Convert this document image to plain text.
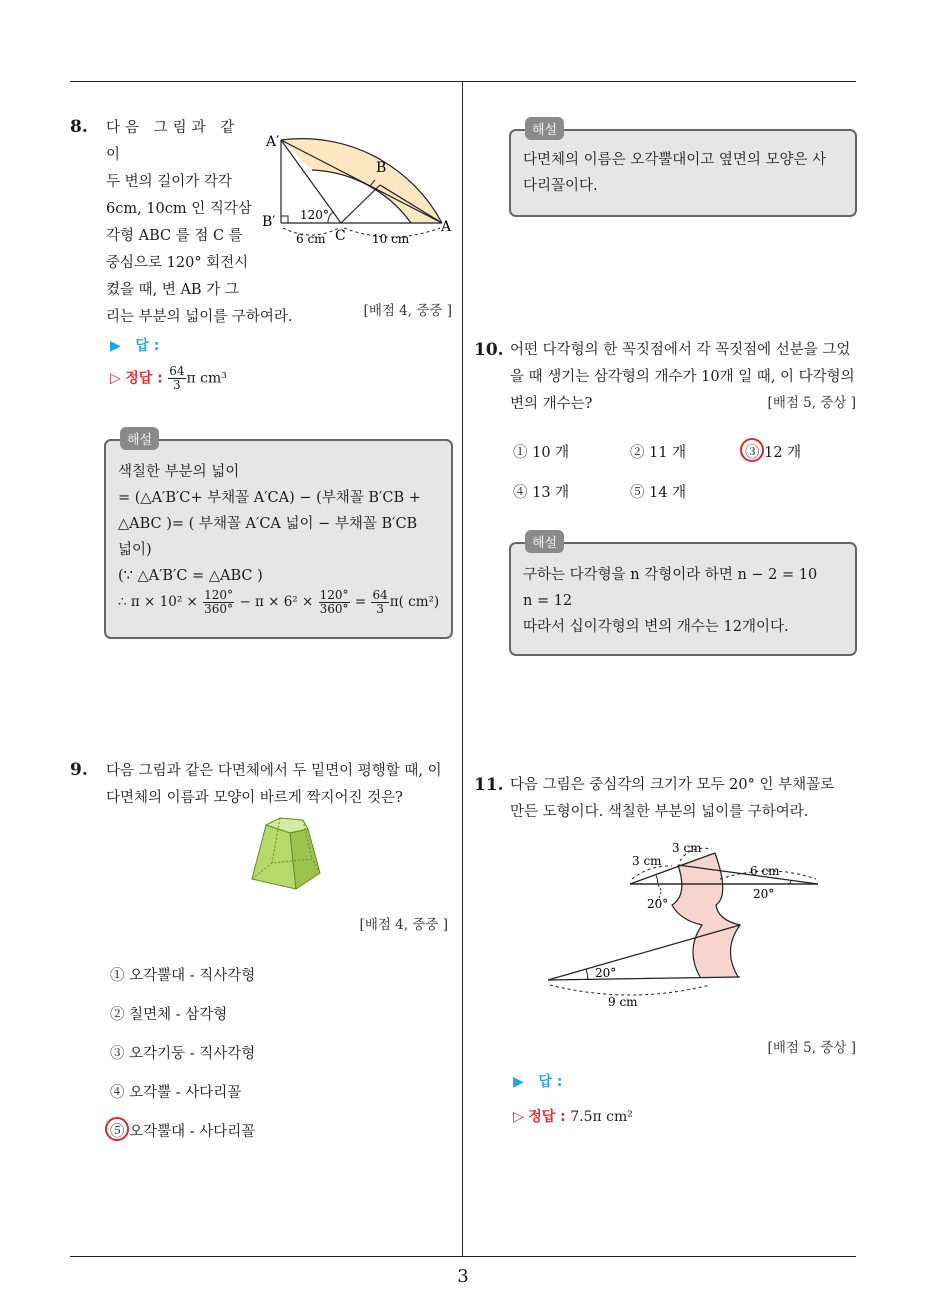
8. 다음 그림과 같이
두 변의 길이가 각각
6cm, 10cm 인 직각삼
각형 ABC 를 점 C 를
중심으로 120° 회전시
켰을 때, 변 AB 가 그
리는 부분의 넓이를 구하여라.
A′
B
B′
C
A
120°
6 cm	10 cm
[배점 4, 중중 ]
▶ 답 :
▷ 정답 : $\frac{64}{3}$ π cm³
해설
색칠한 부분의 넓이
= (△A′B′C+ 부채꼴 A′CA) − (부채꼴 B′CB +
△ABC )= ( 부채꼴 A′CA 넓이 − 부채꼴 B′CB
넓이)
(∵ △A′B′C = △ABC )
∴ $\pi \times 10^2 \times \frac{120^\circ}{360^\circ} - \pi \times 6^2 \times \frac{120^\circ}{360^\circ} = \frac{64}{3} \pi$( cm²)
9. 다음 그림과 같은 다면체에서 두 밑면이 평행할 때, 이
다면체의 이름과 모양이 바르게 짝지어진 것은?
[배점 4, 중중 ]
① 오각뿔대 - 직사각형
② 칠면체 - 삼각형
③ 오각기둥 - 직사각형
④ 오각뿔 - 사다리꼴
⑤ 오각뿔대 - 사다리꼴
해설
다면체의 이름은 오각뿔대이고 옆면의 모양은 사
다리꼴이다.
10. 어떤 다각형의 한 꼭짓점에서 각 꼭짓점에 선분을 그었
을 때 생기는 삼각형의 개수가 10개 일 때, 이 다각형의
변의 개수는?	[배점 5, 중상 ]
① 10 개	② 11 개	③ 12 개
④ 13 개	⑤ 14 개
해설
구하는 다각형을 n 각형이라 하면 n − 2 = 10
n = 12
따라서 십이각형의 변의 개수는 12개이다.
11. 다음 그림은 중심각의 크기가 모두 20° 인 부채꼴로
만든 도형이다. 색칠한 부분의 넓이를 구하여라.
3 cm
3 cm
6 cm
20°
20°
20°
9 cm
[배점 5, 중상 ]
▶ 답 :
▷ 정답 : 7.5π cm²
3
